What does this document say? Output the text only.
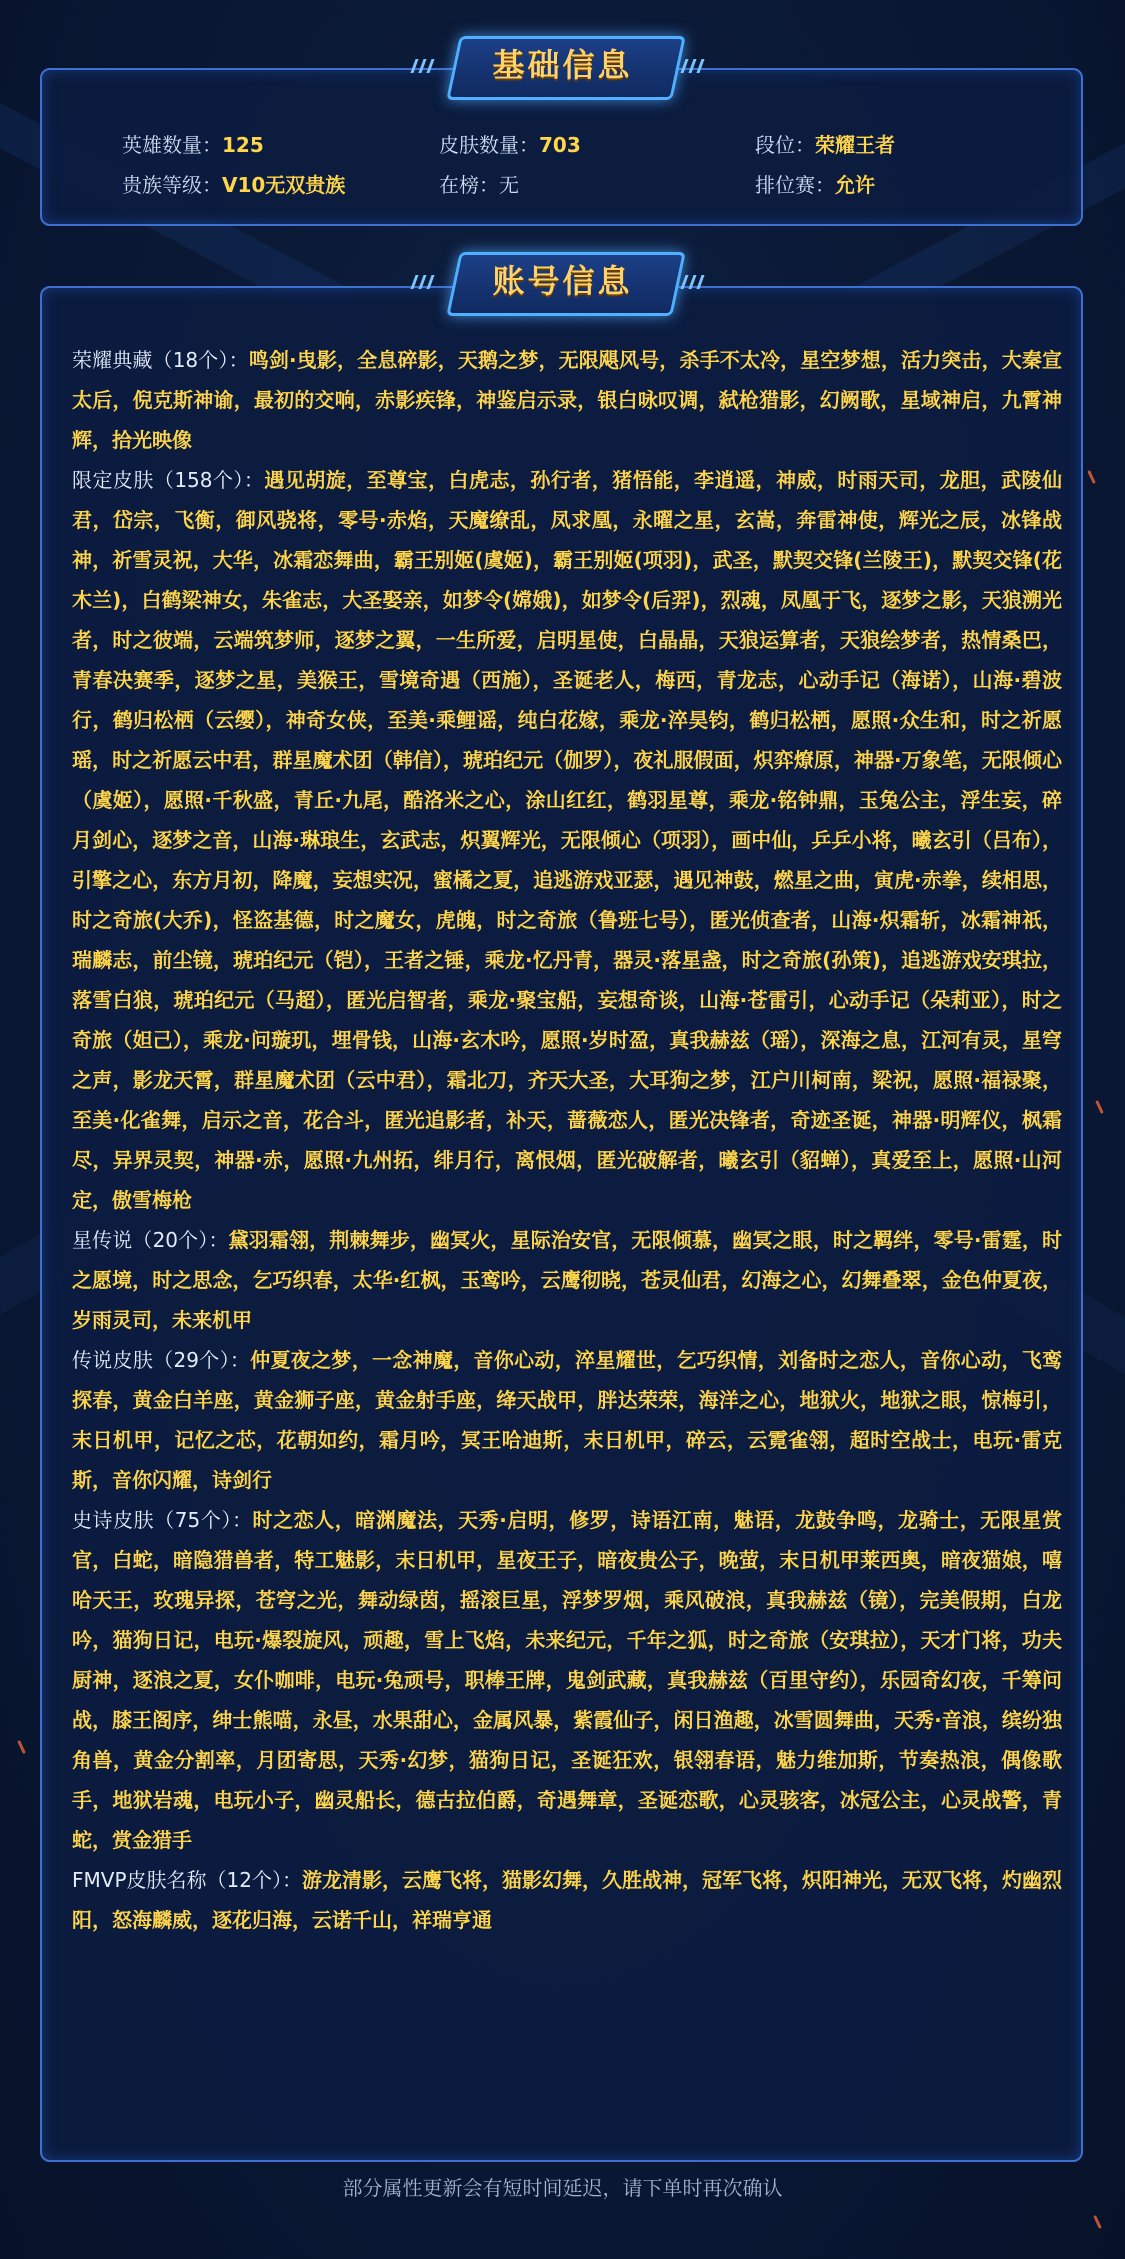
基础信息
英雄数量：125	皮肤数量：703	段位：荣耀王者
贵族等级：V10无双贵族	在榜：无	排位赛：允许
账号信息
荣耀典藏（18个）：鸣剑·曳影，全息碎影，天鹅之梦，无限飓风号，杀手不太冷，星空梦想，活力突击，大秦宣太后，倪克斯神谕，最初的交响，赤影疾锋，神鉴启示录，银白咏叹调，弑枪猎影，幻阙歌，星域神启，九霄神辉，拾光映像
限定皮肤（158个）：遇见胡旋，至尊宝，白虎志，孙行者，猪悟能，李逍遥，神威，时雨天司，龙胆，武陵仙君，岱宗，飞衡，御风骁将，零号·赤焰，天魔缭乱，凤求凰，永曜之星，玄嵩，奔雷神使，辉光之辰，冰锋战神，祈雪灵祝，大华，冰霜恋舞曲，霸王别姬(虞姬)，霸王别姬(项羽)，武圣，默契交锋(兰陵王)，默契交锋(花木兰)，白鹤梁神女，朱雀志，大圣娶亲，如梦令(嫦娥)，如梦令(后羿)，烈魂，凤凰于飞，逐梦之影，天狼溯光者，时之彼端，云端筑梦师，逐梦之翼，一生所爱，启明星使，白晶晶，天狼运算者，天狼绘梦者，热情桑巴，青春决赛季，逐梦之星，美猴王，雪境奇遇（西施），圣诞老人，梅西，青龙志，心动手记（海诺），山海·碧波行，鹤归松栖（云缨），神奇女侠，至美·乘鲤谣，纯白花嫁，乘龙·淬昊钧，鹤归松栖，愿照·众生和，时之祈愿瑶，时之祈愿云中君，群星魔术团（韩信），琥珀纪元（伽罗），夜礼服假面，炽弈燎原，神器·万象笔，无限倾心（虞姬），愿照·千秋盛，青丘·九尾，酷洛米之心，涂山红红，鹤羽星尊，乘龙·铭钟鼎，玉兔公主，浮生妄，碎月剑心，逐梦之音，山海·琳琅生，玄武志，炽翼辉光，无限倾心（项羽），画中仙，乒乒小将，曦玄引（吕布），引擎之心，东方月初，降魔，妄想实况，蜜橘之夏，追逃游戏亚瑟，遇见神鼓，燃星之曲，寅虎·赤拳，续相思，时之奇旅(大乔)，怪盗基德，时之魔女，虎魄，时之奇旅（鲁班七号），匿光侦查者，山海·炽霜斩，冰霜神祇，瑞麟志，前尘镜，琥珀纪元（铠），王者之锤，乘龙·忆丹青，器灵·落星盏，时之奇旅(孙策)，追逃游戏安琪拉，落雪白狼，琥珀纪元（马超），匿光启智者，乘龙·聚宝船，妄想奇谈，山海·苍雷引，心动手记（朵莉亚），时之奇旅（妲己），乘龙·问璇玑，埋骨钱，山海·玄木吟，愿照·岁时盈，真我赫兹（瑶），深海之息，江河有灵，星穹之声，影龙天霄，群星魔术团（云中君），霜北刀，齐天大圣，大耳狗之梦，江户川柯南，梁祝，愿照·福禄聚，至美·化雀舞，启示之音，花合斗，匿光追影者，补天，蔷薇恋人，匿光决锋者，奇迹圣诞，神器·明辉仪，枫霜尽，异界灵契，神器·赤，愿照·九州拓，绯月行，离恨烟，匿光破解者，曦玄引（貂蝉），真爱至上，愿照·山河定，傲雪梅枪
星传说（20个）：黛羽霜翎，荆棘舞步，幽冥火，星际治安官，无限倾慕，幽冥之眼，时之羁绊，零号·雷霆，时之愿境，时之思念，乞巧织春，太华·红枫，玉鸾吟，云鹰彻晓，苍灵仙君，幻海之心，幻舞叠翠，金色仲夏夜，岁雨灵司，未来机甲
传说皮肤（29个）：仲夏夜之梦，一念神魔，音你心动，淬星耀世，乞巧织情，刘备时之恋人，音你心动，飞鸾探春，黄金白羊座，黄金狮子座，黄金射手座，绛天战甲，胖达荣荣，海洋之心，地狱火，地狱之眼，惊梅引，末日机甲，记忆之芯，花朝如约，霜月吟，冥王哈迪斯，末日机甲，碎云，云霓雀翎，超时空战士，电玩·雷克斯，音你闪耀，诗剑行
史诗皮肤（75个）：时之恋人，暗渊魔法，天秀·启明，修罗，诗语江南，魅语，龙鼓争鸣，龙骑士，无限星赏官，白蛇，暗隐猎兽者，特工魅影，末日机甲，星夜王子，暗夜贵公子，晚萤，末日机甲莱西奥，暗夜猫娘，嘻哈天王，玫瑰异探，苍穹之光，舞动绿茵，摇滚巨星，浮梦罗烟，乘风破浪，真我赫兹（镜），完美假期，白龙吟，猫狗日记，电玩·爆裂旋风，顽趣，雪上飞焰，未来纪元，千年之狐，时之奇旅（安琪拉），天才门将，功夫厨神，逐浪之夏，女仆咖啡，电玩·兔顽号，职棒王牌，鬼剑武藏，真我赫兹（百里守约），乐园奇幻夜，千筹问战，膝王阁序，绅士熊喵，永昼，水果甜心，金属风暴，紫霞仙子，闲日渔趣，冰雪圆舞曲，天秀·音浪，缤纷独角兽，黄金分割率，月团寄思，天秀·幻梦，猫狗日记，圣诞狂欢，银翎春语，魅力维加斯，节奏热浪，偶像歌手，地狱岩魂，电玩小子，幽灵船长，德古拉伯爵，奇遇舞章，圣诞恋歌，心灵骇客，冰冠公主，心灵战警，青蛇，赏金猎手
FMVP皮肤名称（12个）：游龙清影，云鹰飞将，猫影幻舞，久胜战神，冠军飞将，炽阳神光，无双飞将，灼幽烈阳，怒海麟威，逐花归海，云诺千山，祥瑞亨通
部分属性更新会有短时间延迟，请下单时再次确认
